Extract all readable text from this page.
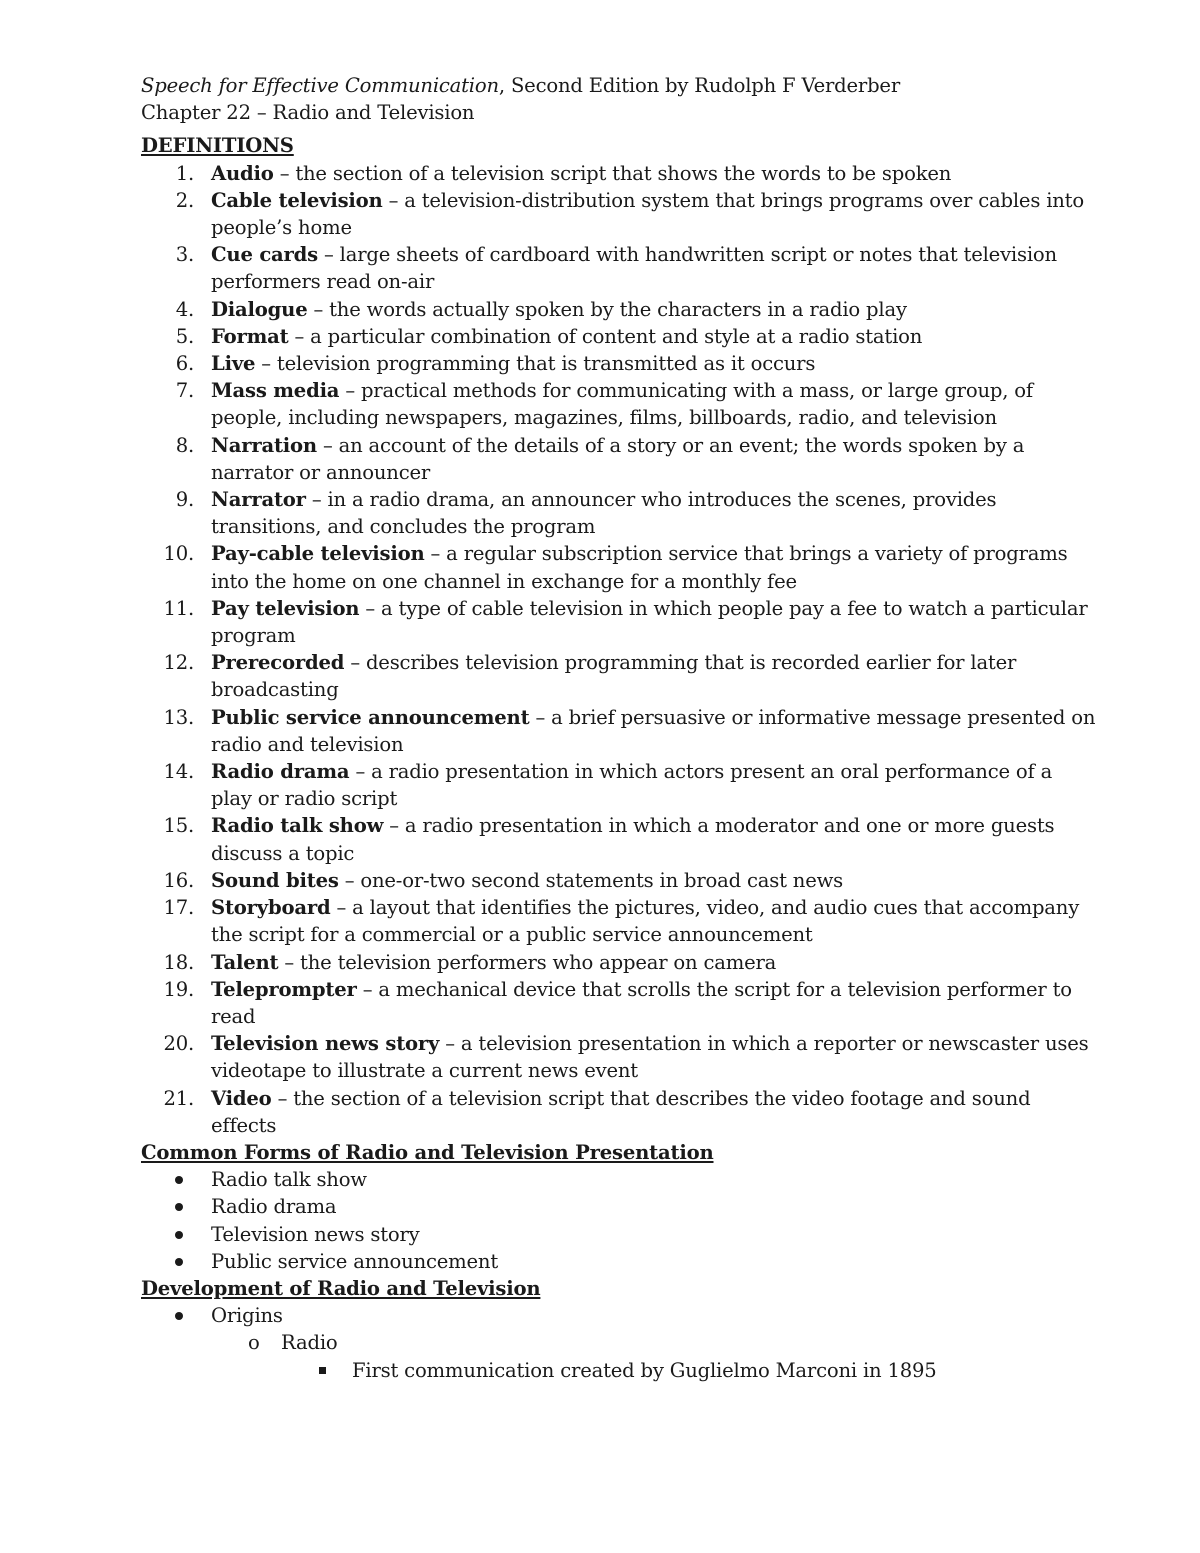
Speech for Effective Communication, Second Edition by Rudolph F Verderber
Chapter 22 – Radio and Television
DEFINITIONS
1. Audio – the section of a television script that shows the words to be spoken
2. Cable television – a television-distribution system that brings programs over cables into
people’s home
3. Cue cards – large sheets of cardboard with handwritten script or notes that television
performers read on-air
4. Dialogue – the words actually spoken by the characters in a radio play
5. Format – a particular combination of content and style at a radio station
6. Live – television programming that is transmitted as it occurs
7. Mass media – practical methods for communicating with a mass, or large group, of
people, including newspapers, magazines, films, billboards, radio, and television
8. Narration – an account of the details of a story or an event; the words spoken by a
narrator or announcer
9. Narrator – in a radio drama, an announcer who introduces the scenes, provides
transitions, and concludes the program
10. Pay-cable television – a regular subscription service that brings a variety of programs
into the home on one channel in exchange for a monthly fee
11. Pay television – a type of cable television in which people pay a fee to watch a particular
program
12. Prerecorded – describes television programming that is recorded earlier for later
broadcasting
13. Public service announcement – a brief persuasive or informative message presented on
radio and television
14. Radio drama – a radio presentation in which actors present an oral performance of a
play or radio script
15. Radio talk show – a radio presentation in which a moderator and one or more guests
discuss a topic
16. Sound bites – one-or-two second statements in broad cast news
17. Storyboard – a layout that identifies the pictures, video, and audio cues that accompany
the script for a commercial or a public service announcement
18. Talent – the television performers who appear on camera
19. Teleprompter – a mechanical device that scrolls the script for a television performer to
read
20. Television news story – a television presentation in which a reporter or newscaster uses
videotape to illustrate a current news event
21. Video – the section of a television script that describes the video footage and sound
effects
Common Forms of Radio and Television Presentation
Radio talk show
Radio drama
Television news story
Public service announcement
Development of Radio and Television
Origins
o Radio
First communication created by Guglielmo Marconi in 1895
